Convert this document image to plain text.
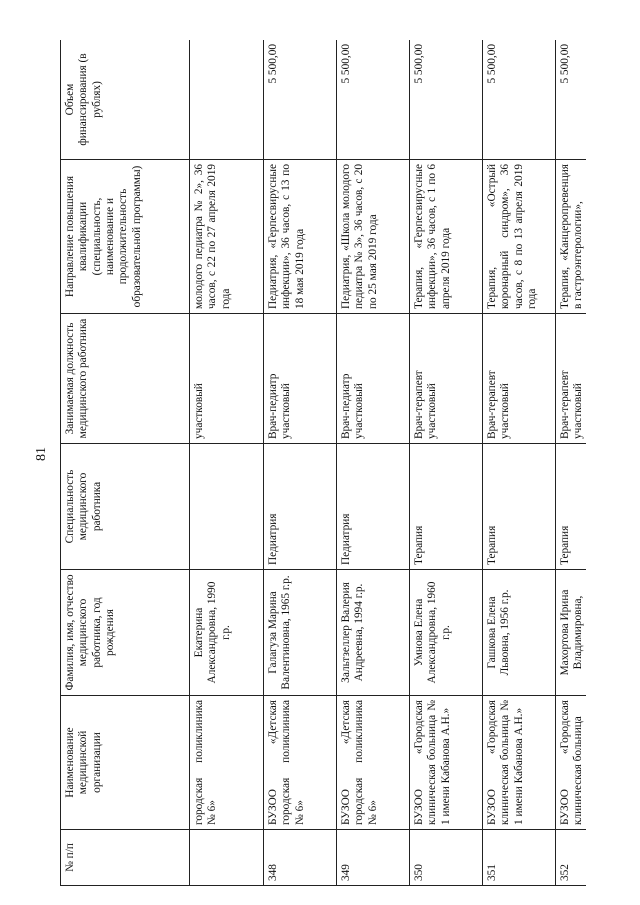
81
№ п/п	Наименование медицинской организации	Фамилия, имя, отчество медицинского работника, год рождения	Специальность медицинского работника	Занимаемая должность медицинского работника	Направление повышения квалификации (специальность, наименование и продолжительность образовательной программы)	Объем финансирования (в рублях)
	городская поликлиника № 6»	Екатерина Александровна, 1990 г.р.		участковый	молодого педиатра № 2», 36 часов, с 22 по 27 апреля 2019 года	
348	БУЗОО «Детская городская поликлиника № 6»	Галагуза Марина Валентиновна, 1965 г.р.	Педиатрия	Врач-педиатр участковый	Педиатрия, «Герпесвирусные инфекции», 36 часов, с 13 по 18 мая 2019 года	5 500,00
349	БУЗОО «Детская городская поликлиника № 6»	Зальтзеллер Валерия Андреевна, 1994 г.р.	Педиатрия	Врач-педиатр участковый	Педиатрия, «Школа молодого педиатра № 3», 36 часов, с 20 по 25 мая 2019 года	5 500,00
350	БУЗОО «Городская клиническая больница № 1 имени Кабанова А.Н.»	Умнова Елена Александровна, 1960 г.р.	Терапия	Врач-терапевт участковый	Терапия, «Герпесвирусные инфекции», 36 часов, с 1 по 6 апреля 2019 года	5 500,00
351	БУЗОО «Городская клиническая больница № 1 имени Кабанова А.Н.»	Гашкова Елена Львовна, 1956 г.р.	Терапия	Врач-терапевт участковый	Терапия, «Острый коронарный синдром», 36 часов, с 8 по 13 апреля 2019 года	5 500,00
352	БУЗОО «Городская клиническая больница	Махортова Ирина Владимировна,	Терапия	Врач-терапевт участковый	Терапия, «Канцеропревенция в гастроэнтерологии»,	5 500,00
